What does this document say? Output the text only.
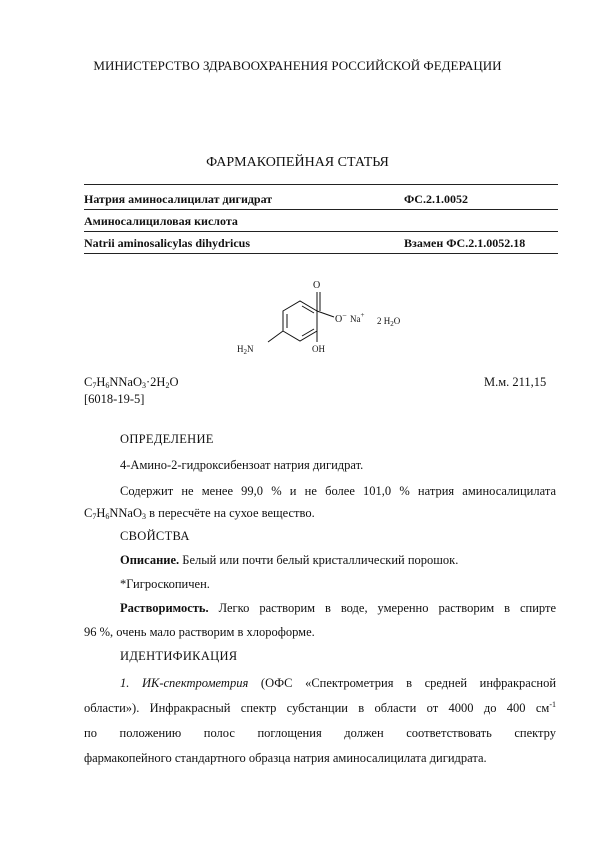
МИНИСТЕРСТВО ЗДРАВООХРАНЕНИЯ РОССИЙСКОЙ ФЕДЕРАЦИИ
ФАРМАКОПЕЙНАЯ СТАТЬЯ
Натрия аминосалицилат дигидрат	ФС.2.1.0052
Аминосалициловая кислота
Natrii aminosalicylas dihydricus	Взамен ФС.2.1.0052.18
O
O− Na+
2 $H_2O$
$H_2N$	OH
$C_7H_6NNaO_3\cdot 2H_2O$	М.м. 211,15
[6018-19-5]
ОПРЕДЕЛЕНИЕ
4-Амино-2-гидроксибензоат натрия дигидрат.
Содержит не менее 99,0 % и не более 101,0 % натрия аминосалицилата
$C_7H_6NNaO_3$ в пересчёте на сухое вещество.
СВОЙСТВА
Описание. Белый или почти белый кристаллический порошок.
*Гигроскопичен.
Растворимость. Легко растворим в воде, умеренно растворим в спирте
96 %, очень мало растворим в хлороформе.
ИДЕНТИФИКАЦИЯ
1. ИК-спектрометрия (ОФС «Спектрометрия в средней инфракрасной
области»). Инфракрасный спектр субстанции в области от 4000 до 400 $см^{-1}$
по положению полос поглощения должен соответствовать спектру
фармакопейного стандартного образца натрия аминосалицилата дигидрата.
